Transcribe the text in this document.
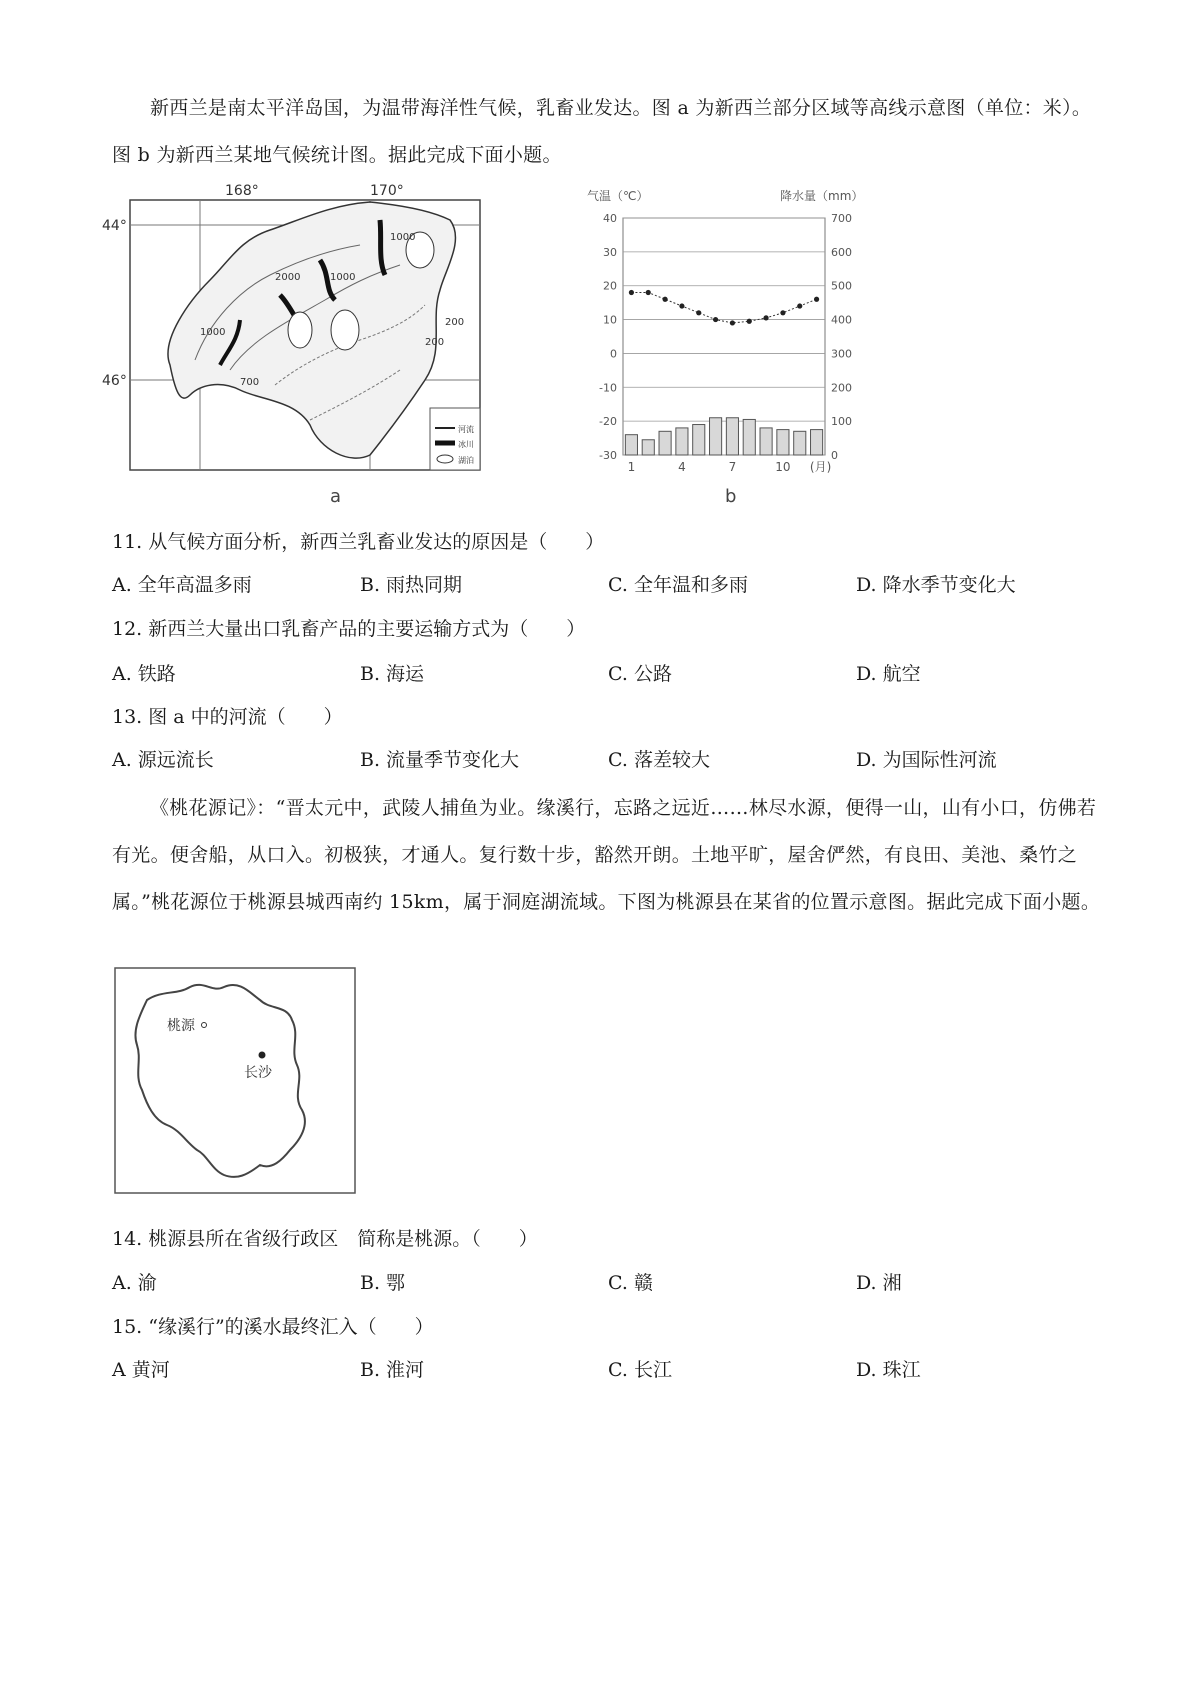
新西兰是南太平洋岛国，为温带海洋性气候，乳畜业发达。图 a 为新西兰部分区域等高线示意图（单位：米）。图 b 为新西兰某地气候统计图。据此完成下面小题。
168°	170°
44°
46°
1000
2000	1000
1000
200
700
200
河流
冰川
湖泊
a
气温（℃）	降水量（mm）
b
40
30
20
10
0
-10
-20
-30
700
600
500
400
300
200
100
0
1	4	7	10 (月)
11. 从气候方面分析，新西兰乳畜业发达的原因是（　　）
A. 全年高温多雨	B. 雨热同期	C. 全年温和多雨	D. 降水季节变化大
12. 新西兰大量出口乳畜产品的主要运输方式为（　　）
A. 铁路	B. 海运	C. 公路	D. 航空
13. 图 a 中的河流（　　）
A. 源远流长	B. 流量季节变化大	C. 落差较大	D. 为国际性河流
《桃花源记》：“晋太元中，武陵人捕鱼为业。缘溪行，忘路之远近……林尽水源，便得一山，山有小口，仿佛若有光。便舍船，从口入。初极狭，才通人。复行数十步，豁然开朗。土地平旷，屋舍俨然，有良田、美池、桑竹之属。”桃花源位于桃源县城西南约 15km，属于洞庭湖流域。下图为桃源县在某省的位置示意图。据此完成下面小题。
桃源
长沙
14. 桃源县所在省级行政区　简称是桃源。（　　）
A. 渝	B. 鄂	C. 赣	D. 湘
15. “缘溪行”的溪水最终汇入（　　）
A 黄河	B. 淮河	C. 长江	D. 珠江
